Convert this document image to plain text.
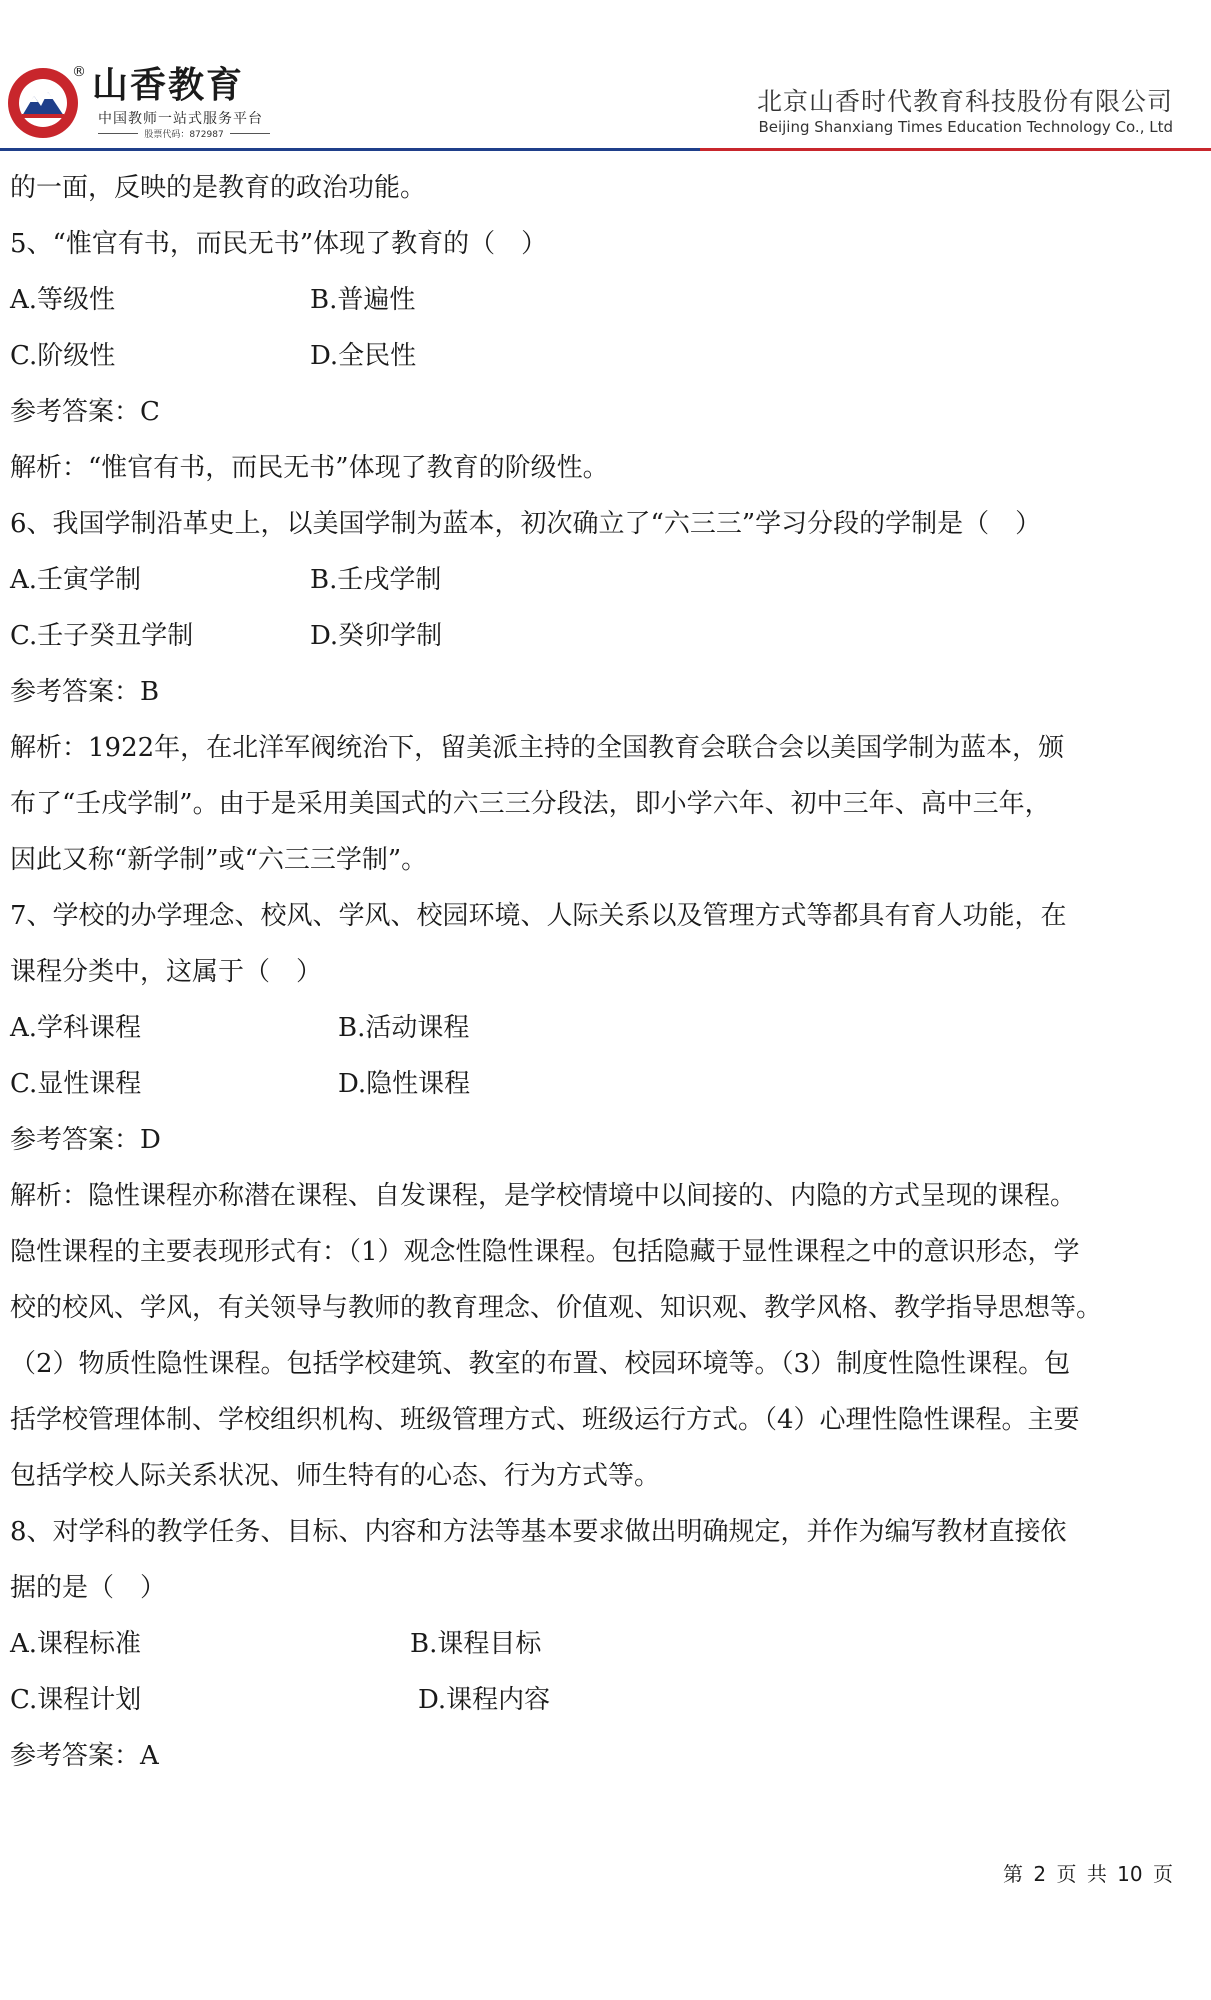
® 山香教育
中国教师一站式服务平台
股票代码：872987
北京山香时代教育科技股份有限公司
Beijing Shanxiang Times Education Technology Co., Ltd
的一面，反映的是教育的政治功能。
5、“惟官有书，而民无书”体现了教育的（　）
A.等级性	B.普遍性
C.阶级性	D.全民性
参考答案：C
解析：“惟官有书，而民无书”体现了教育的阶级性。
6、我国学制沿革史上，以美国学制为蓝本，初次确立了“六三三”学习分段的学制是（　）
A.壬寅学制	B.壬戌学制
C.壬子癸丑学制	D.癸卯学制
参考答案：B
解析：1922年，在北洋军阀统治下，留美派主持的全国教育会联合会以美国学制为蓝本，颁
布了“壬戌学制”。由于是采用美国式的六三三分段法，即小学六年、初中三年、高中三年，
因此又称“新学制”或“六三三学制”。
7、学校的办学理念、校风、学风、校园环境、人际关系以及管理方式等都具有育人功能，在
课程分类中，这属于（　）
A.学科课程	B.活动课程
C.显性课程	D.隐性课程
参考答案：D
解析：隐性课程亦称潜在课程、自发课程，是学校情境中以间接的、内隐的方式呈现的课程。
隐性课程的主要表现形式有：（1）观念性隐性课程。包括隐藏于显性课程之中的意识形态，学
校的校风、学风，有关领导与教师的教育理念、价值观、知识观、教学风格、教学指导思想等。
（2）物质性隐性课程。包括学校建筑、教室的布置、校园环境等。（3）制度性隐性课程。包
括学校管理体制、学校组织机构、班级管理方式、班级运行方式。（4）心理性隐性课程。主要
包括学校人际关系状况、师生特有的心态、行为方式等。
8、对学科的教学任务、目标、内容和方法等基本要求做出明确规定，并作为编写教材直接依
据的是（　）
A.课程标准	B.课程目标
C.课程计划	D.课程内容
参考答案：A
第 2 页 共 10 页
